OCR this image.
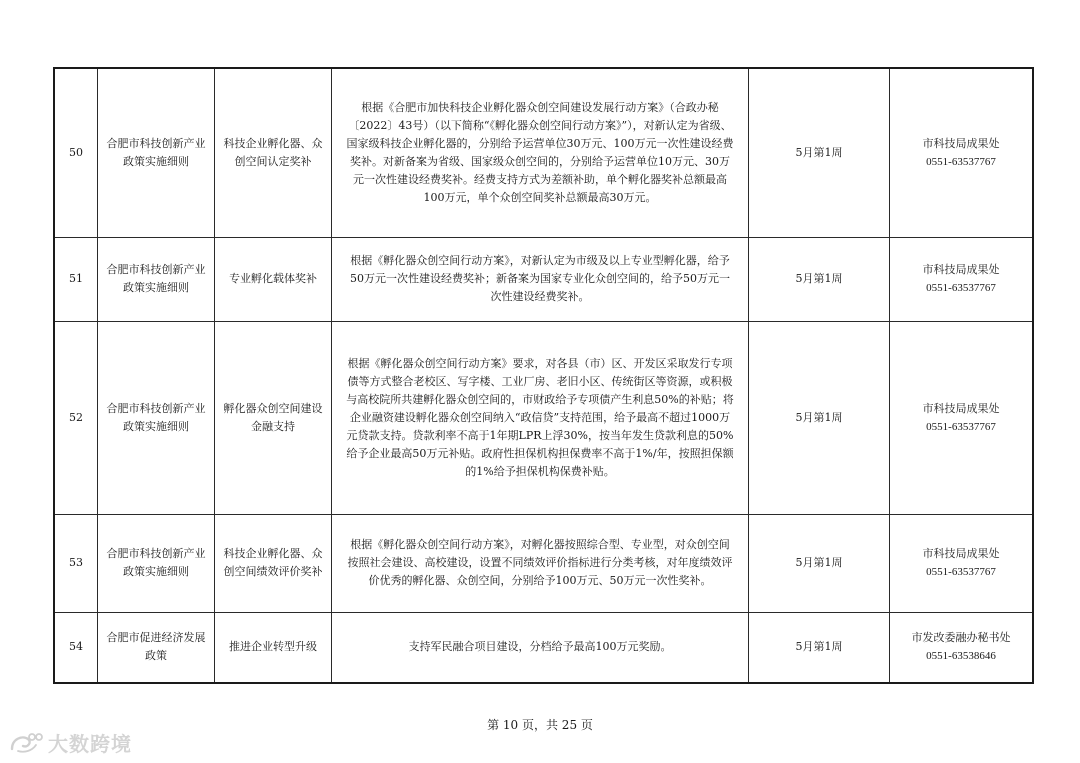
50	合肥市科技创新产业政策实施细则	科技企业孵化器、众创空间认定奖补	根据《合肥市加快科技企业孵化器众创空间建设发展行动方案》（合政办秘〔2022〕43号）（以下简称“《孵化器众创空间行动方案》”），对新认定为省级、国家级科技企业孵化器的，分别给予运营单位30万元、100万元一次性建设经费奖补。对新备案为省级、国家级众创空间的，分别给予运营单位10万元、30万元一次性建设经费奖补。经费支持方式为差额补助，单个孵化器奖补总额最高100万元，单个众创空间奖补总额最高30万元。	5月第1周	市科技局成果处
0551-63537767

51	合肥市科技创新产业政策实施细则	专业孵化载体奖补	根据《孵化器众创空间行动方案》，对新认定为市级及以上专业型孵化器，给予50万元一次性建设经费奖补；新备案为国家专业化众创空间的，给予50万元一次性建设经费奖补。	5月第1周	市科技局成果处
0551-63537767

52	合肥市科技创新产业政策实施细则	孵化器众创空间建设金融支持	根据《孵化器众创空间行动方案》要求，对各县（市）区、开发区采取发行专项债等方式整合老校区、写字楼、工业厂房、老旧小区、传统街区等资源，或积极与高校院所共建孵化器众创空间的，市财政给予专项债产生利息50%的补贴；将企业融资建设孵化器众创空间纳入“政信贷”支持范围，给予最高不超过1000万元贷款支持。贷款利率不高于1年期LPR上浮30%，按当年发生贷款利息的50%给予企业最高50万元补贴。政府性担保机构担保费率不高于1%/年，按照担保额的1%给予担保机构保费补贴。	5月第1周	市科技局成果处
0551-63537767

53	合肥市科技创新产业政策实施细则	科技企业孵化器、众创空间绩效评价奖补	根据《孵化器众创空间行动方案》，对孵化器按照综合型、专业型，对众创空间按照社会建设、高校建设，设置不同绩效评价指标进行分类考核，对年度绩效评价优秀的孵化器、众创空间，分别给予100万元、50万元一次性奖补。	5月第1周	市科技局成果处
0551-63537767

54	合肥市促进经济发展政策	推进企业转型升级	支持军民融合项目建设，分档给予最高100万元奖励。	5月第1周	市发改委融办秘书处
0551-63538646
第 10 页，共 25 页
大数跨境
